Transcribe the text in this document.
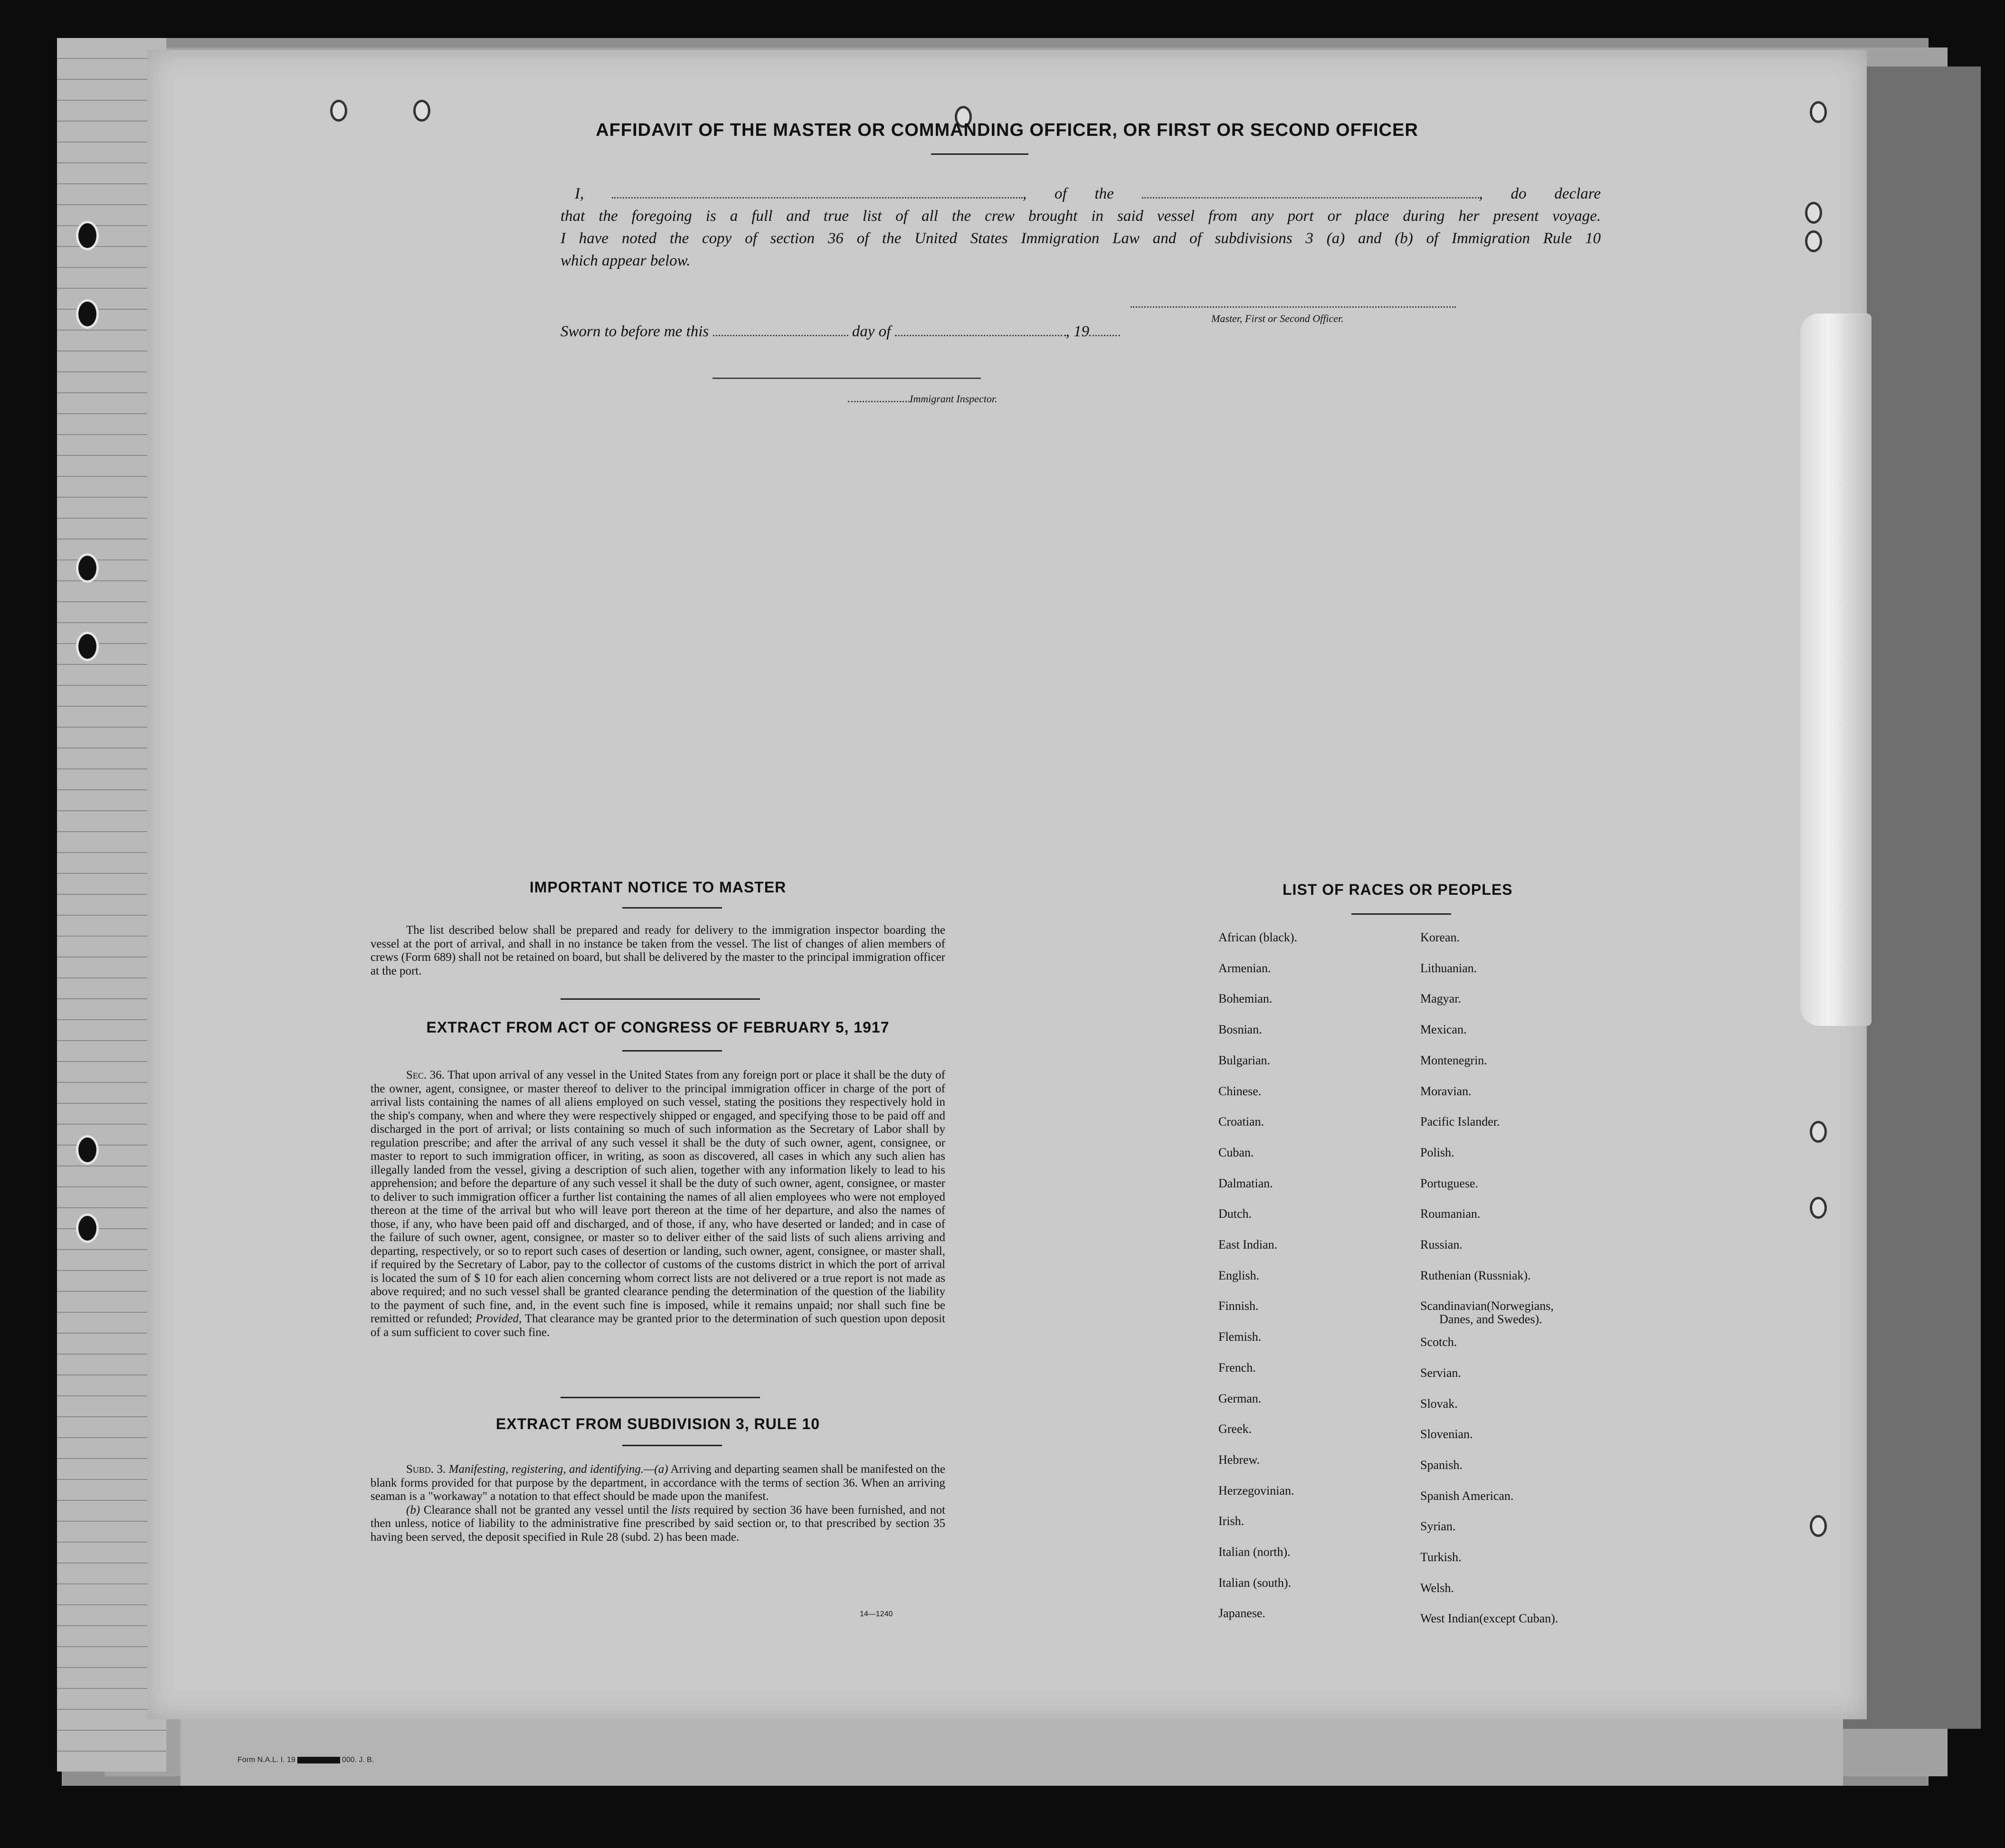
Form N.A.L. I. 19	000. J. B.
AFFIDAVIT OF THE MASTER OR COMMANDING OFFICER, OR FIRST OR SECOND OFFICER
I,	, of the	, do declare
that the foregoing is a full and true list of all the crew brought in said vessel from any port or place during her present voyage.
I have noted the copy of section 36 of the United States Immigration Law and of subdivisions 3 (a) and (b) of Immigration Rule 10
which appear below.
Master, First or Second Officer.
Sworn to before me this	day of	, 19
Immigrant Inspector.
IMPORTANT NOTICE TO MASTER
The list described below shall be prepared and ready for delivery to the immigration inspector boarding the vessel at the port of arrival, and shall in no instance be taken from the vessel. The list of changes of alien members of crews (Form 689) shall not be retained on board, but shall be delivered by the master to the principal immigration officer at the port.
EXTRACT FROM ACT OF CONGRESS OF FEBRUARY 5, 1917
Sec. 36. That upon arrival of any vessel in the United States from any foreign port or place it shall be the duty of the owner, agent, consignee, or master thereof to deliver to the principal immigration officer in charge of the port of arrival lists containing the names of all aliens employed on such vessel, stating the positions they respectively hold in the ship's company, when and where they were respectively shipped or engaged, and specifying those to be paid off and discharged in the port of arrival; or lists containing so much of such information as the Secretary of Labor shall by regulation prescribe; and after the arrival of any such vessel it shall be the duty of such owner, agent, consignee, or master to report to such immigration officer, in writing, as soon as discovered, all cases in which any such alien has illegally landed from the vessel, giving a description of such alien, together with any information likely to lead to his apprehension; and before the departure of any such vessel it shall be the duty of such owner, agent, consignee, or master to deliver to such immigration officer a further list containing the names of all alien employees who were not employed thereon at the time of the arrival but who will leave port thereon at the time of her departure, and also the names of those, if any, who have been paid off and discharged, and of those, if any, who have deserted or landed; and in case of the failure of such owner, agent, consignee, or master so to deliver either of the said lists of such aliens arriving and departing, respectively, or so to report such cases of desertion or landing, such owner, agent, consignee, or master shall, if required by the Secretary of Labor, pay to the collector of customs of the customs district in which the port of arrival is located the sum of $ 10 for each alien concerning whom correct lists are not delivered or a true report is not made as above required; and no such vessel shall be granted clearance pending the determination of the question of the liability to the payment of such fine, and, in the event such fine is imposed, while it remains unpaid; nor shall such fine be remitted or refunded; Provided, That clearance may be granted prior to the determination of such question upon deposit of a sum sufficient to cover such fine.
EXTRACT FROM SUBDIVISION 3, RULE 10
Subd. 3. Manifesting, registering, and identifying.—(a) Arriving and departing seamen shall be manifested on the blank forms provided for that purpose by the department, in accordance with the terms of section 36. When an arriving seaman is a "workaway" a notation to that effect should be made upon the manifest.
(b) Clearance shall not be granted any vessel until the lists required by section 36 have been furnished, and not then unless, notice of liability to the administrative fine prescribed by said section or, to that prescribed by section 35 having been served, the deposit specified in Rule 28 (subd. 2) has been made.
14—1240
LIST OF RACES OR PEOPLES
African (black).
Armenian.
Bohemian.
Bosnian.
Bulgarian.
Chinese.
Croatian.
Cuban.
Dalmatian.
Dutch.
East Indian.
English.
Finnish.
Flemish.
French.
German.
Greek.
Hebrew.
Herzegovinian.
Irish.
Italian (north).
Italian (south).
Japanese.
Korean.
Lithuanian.
Magyar.
Mexican.
Montenegrin.
Moravian.
Pacific Islander.
Polish.
Portuguese.
Roumanian.
Russian.
Ruthenian (Russniak).
Scandinavian(Norwegians,
Danes, and Swedes).
Scotch.
Servian.
Slovak.
Slovenian.
Spanish.
Spanish American.
Syrian.
Turkish.
Welsh.
West Indian(except Cuban).
